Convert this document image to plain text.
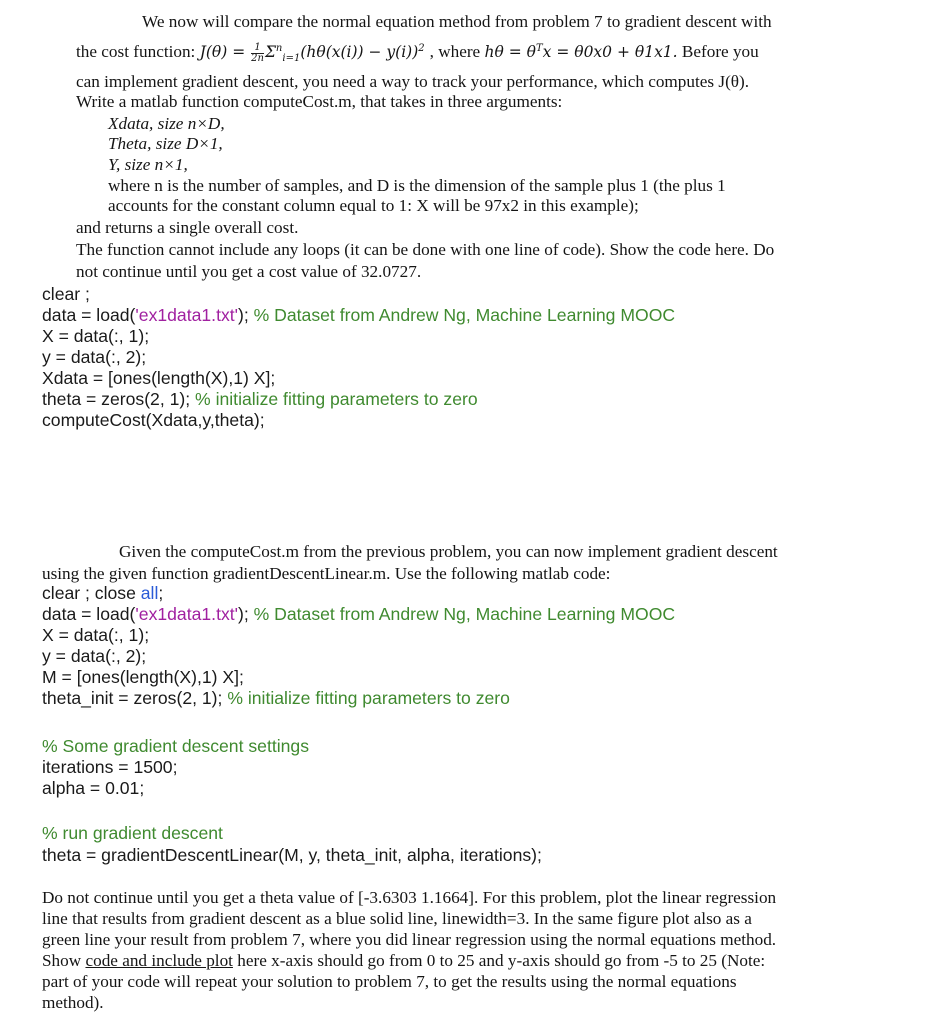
We now will compare the normal equation method from problem 7 to gradient descent with
the cost function: $J(\theta) = \frac{1}{2n} \Sigma^n_{i=1}(h\theta(x(i)) - y(i))^2$ , where $h\theta = \theta^Tx = \theta 0x0 + \theta 1x1$. Before you
can implement gradient descent, you need a way to track your performance, which computes J(θ).
Write a matlab function computeCost.m, that takes in three arguments:
Xdata, size n×D,
Theta, size D×1,
Y, size n×1,
where n is the number of samples, and D is the dimension of the sample plus 1 (the plus 1
accounts for the constant column equal to 1: X will be 97x2 in this example);
and returns a single overall cost.
The function cannot include any loops (it can be done with one line of code). Show the code here. Do
not continue until you get a cost value of 32.0727.
clear ;
data = load('ex1data1.txt'); % Dataset from Andrew Ng, Machine Learning MOOC
X = data(:, 1);
y = data(:, 2);
Xdata = [ones(length(X),1) X];
theta = zeros(2, 1); % initialize fitting parameters to zero
computeCost(Xdata,y,theta);
Given the computeCost.m from the previous problem, you can now implement gradient descent
using the given function gradientDescentLinear.m. Use the following matlab code:
clear ; close all;
data = load('ex1data1.txt'); % Dataset from Andrew Ng, Machine Learning MOOC
X = data(:, 1);
y = data(:, 2);
M = [ones(length(X),1) X];
theta_init = zeros(2, 1); % initialize fitting parameters to zero
% Some gradient descent settings
iterations = 1500;
alpha = 0.01;
% run gradient descent
theta = gradientDescentLinear(M, y, theta_init, alpha, iterations);
Do not continue until you get a theta value of [-3.6303 1.1664]. For this problem, plot the linear regression
line that results from gradient descent as a blue solid line, linewidth=3. In the same figure plot also as a
green line your result from problem 7, where you did linear regression using the normal equations method.
Show code and include plot here x-axis should go from 0 to 25 and y-axis should go from -5 to 25 (Note:
part of your code will repeat your solution to problem 7, to get the results using the normal equations
method).
